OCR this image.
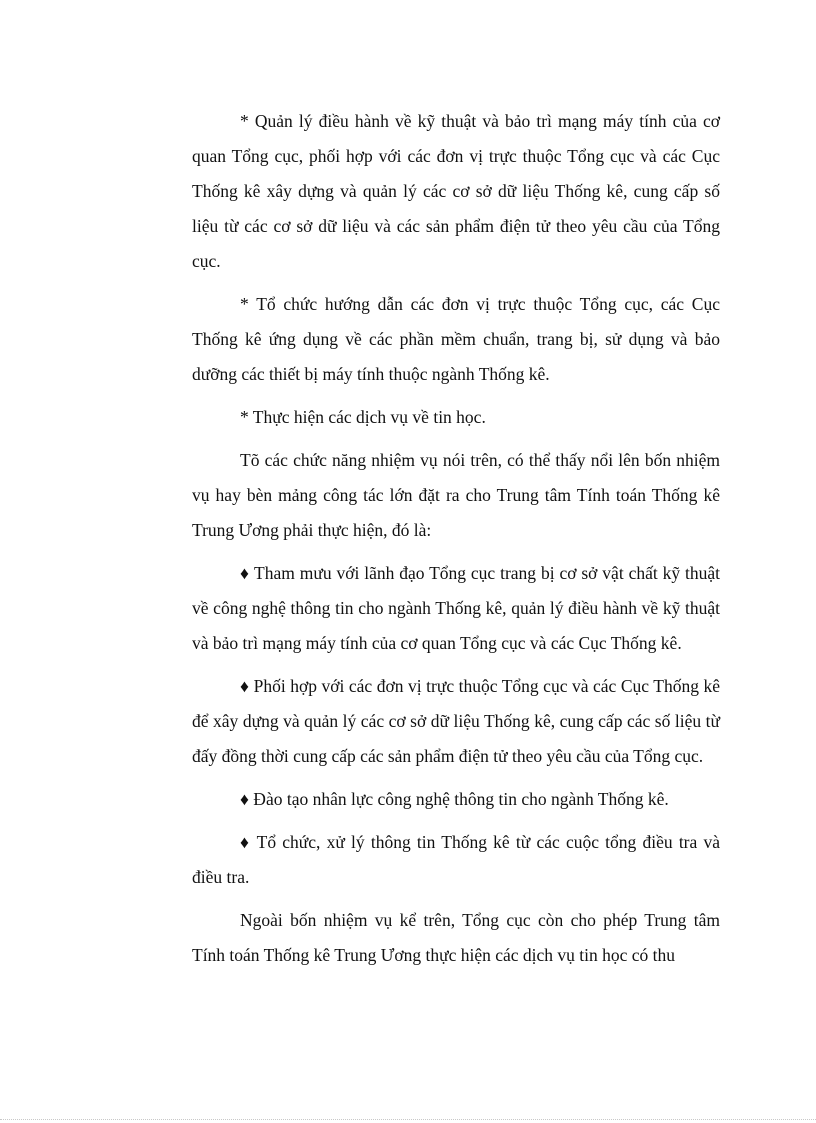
* Quản lý điều hành về kỹ thuật và bảo trì mạng máy tính của cơ quan Tổng cục, phối hợp với các đơn vị trực thuộc Tổng cục và các Cục Thống kê xây dựng và quản lý các cơ sở dữ liệu Thống kê, cung cấp số liệu từ các cơ sở dữ liệu và các sản phẩm điện tử theo yêu cầu của Tổng cục.

* Tổ chức hướng dẫn các đơn vị trực thuộc Tổng cục, các Cục Thống kê ứng dụng về các phần mềm chuẩn, trang bị, sử dụng và bảo dưỡng các thiết bị máy tính thuộc ngành Thống kê.

* Thực hiện các dịch vụ về tin học.

Tõ các chức năng nhiệm vụ nói trên, có thể thấy nổi lên bốn nhiệm vụ hay bèn mảng công tác lớn đặt ra cho Trung tâm Tính toán Thống kê Trung Ương phải thực hiện, đó là:

♦ Tham mưu với lãnh đạo Tổng cục trang bị cơ sở vật chất kỹ thuật về công nghệ thông tin cho ngành Thống kê, quản lý điều hành về kỹ thuật và bảo trì mạng máy tính của cơ quan Tổng cục và các Cục Thống kê.

♦ Phối hợp với các đơn vị trực thuộc Tổng cục và các Cục Thống kê để xây dựng và quản lý các cơ sở dữ liệu Thống kê, cung cấp các số liệu từ đấy đồng thời cung cấp các sản phẩm điện tử theo yêu cầu của Tổng cục.

♦ Đào tạo nhân lực công nghệ thông tin cho ngành Thống kê.

♦ Tổ chức, xử lý thông tin Thống kê từ các cuộc tổng điều tra và điều tra.

Ngoài bốn nhiệm vụ kể trên, Tổng cục còn cho phép Trung tâm Tính toán Thống kê Trung Ương thực hiện các dịch vụ tin học có thu
